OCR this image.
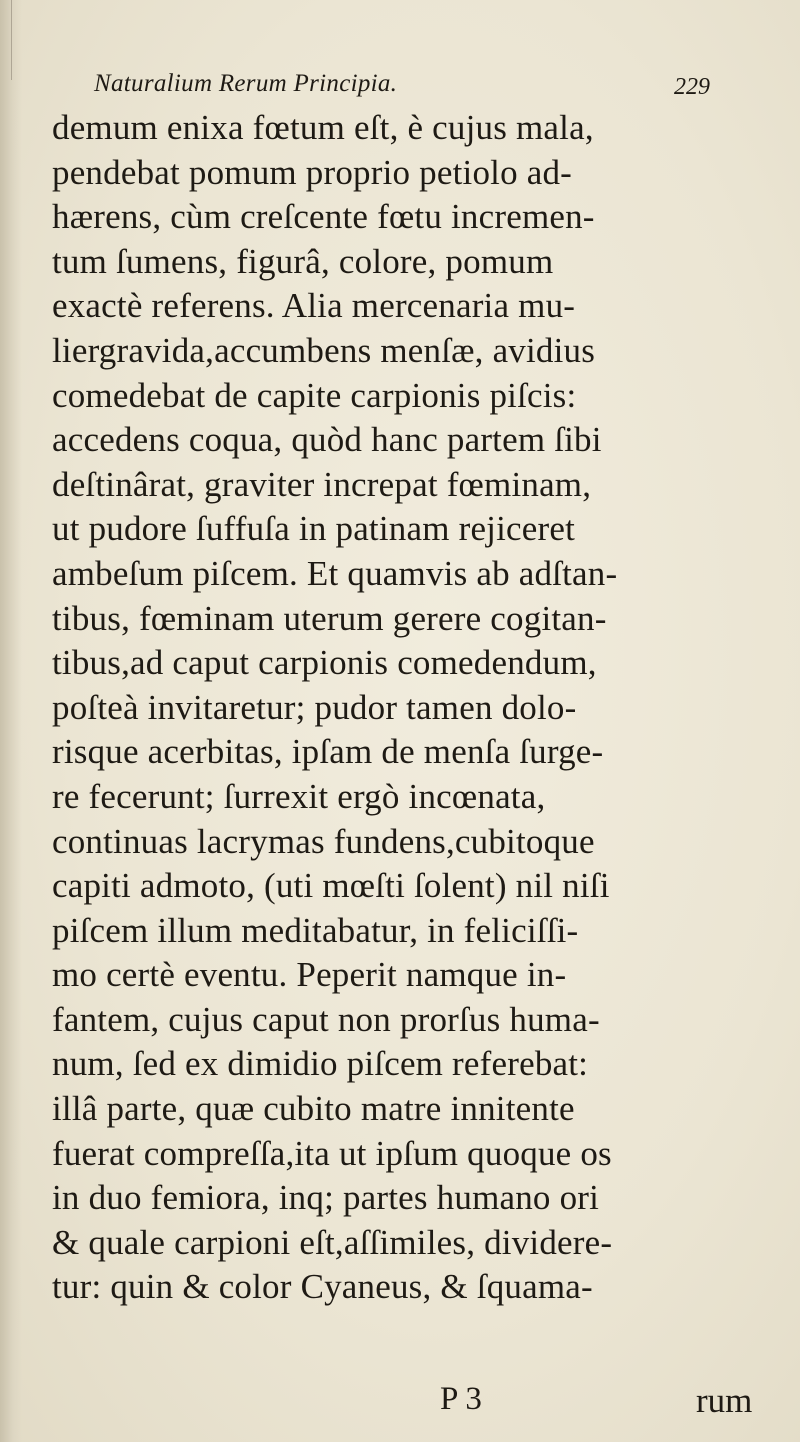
Naturalium Rerum Principia.	229
demum enixa fœtum eſt, è cujus mala,
pendebat pomum proprio petiolo ad-
hærens, cùm creſcente fœtu incremen-
tum ſumens, figurâ, colore, pomum
exactè referens. Alia mercenaria mu-
liergravida,accumbens menſæ, avidius
comedebat de capite carpionis piſcis:
accedens coqua, quòd hanc partem ſibi
deſtinârat, graviter increpat fœminam,
ut pudore ſuffuſa in patinam rejiceret
ambeſum piſcem. Et quamvis ab adſtan-
tibus, fœminam uterum gerere cogitan-
tibus,ad caput carpionis comedendum,
poſteà invitaretur; pudor tamen dolo-
risque acerbitas, ipſam de menſa ſurge-
re fecerunt; ſurrexit ergò incœnata,
continuas lacrymas fundens,cubitoque
capiti admoto, (uti mœſti ſolent) nil niſi
piſcem illum meditabatur, in feliciſſi-
mo certè eventu. Peperit namque in-
fantem, cujus caput non prorſus huma-
num, ſed ex dimidio piſcem referebat:
illâ parte, quæ cubito matre innitente
fuerat compreſſa,ita ut ipſum quoque os
in duo femiora, inq; partes humano ori
& quale carpioni eſt,aſſimiles, dividere-
tur: quin & color Cyaneus, & ſquama-
P 3	rum
